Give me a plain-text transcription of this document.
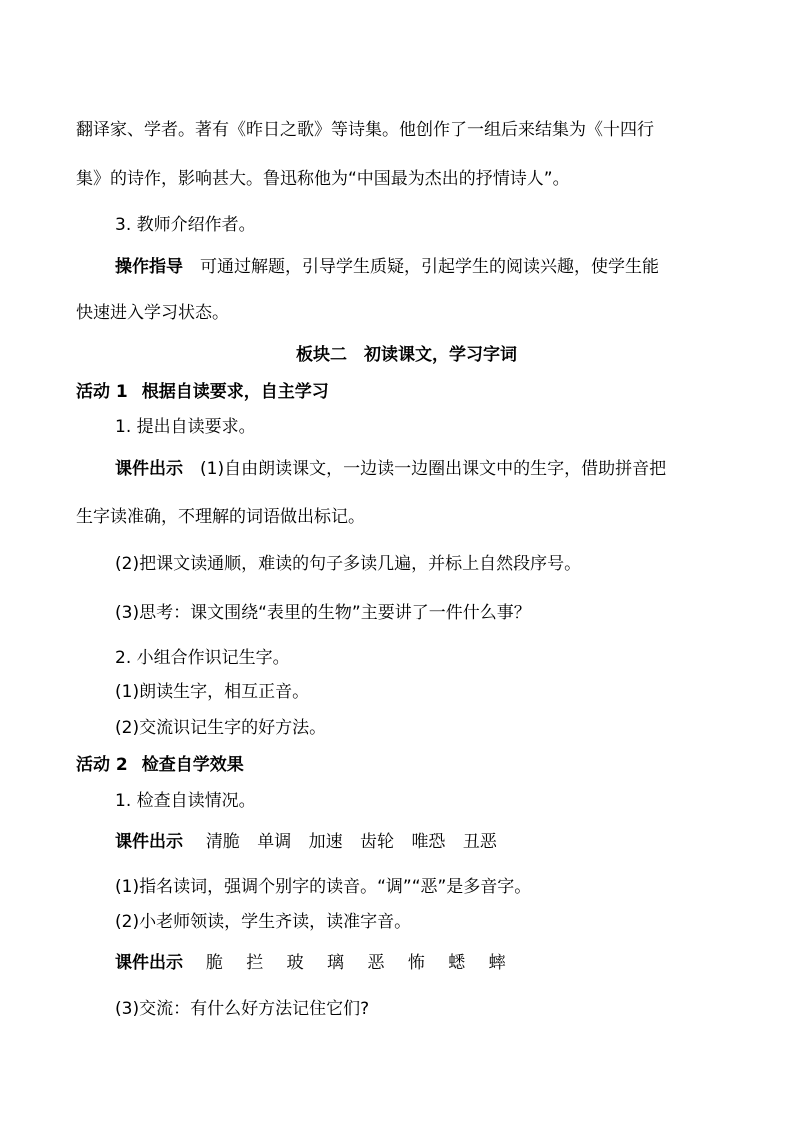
翻译家、学者。著有《昨日之歌》等诗集。他创作了一组后来结集为《十四行
集》的诗作，影响甚大。鲁迅称他为“中国最为杰出的抒情诗人”。
3. 教师介绍作者。
操作指导 可通过解题，引导学生质疑，引起学生的阅读兴趣，使学生能
快速进入学习状态。
板块二　初读课文，学习字词
活动 1 根据自读要求，自主学习
1. 提出自读要求。
课件出示 (1)自由朗读课文，一边读一边圈出课文中的生字，借助拼音把
生字读准确，不理解的词语做出标记。
(2)把课文读通顺，难读的句子多读几遍，并标上自然段序号。
(3)思考：课文围绕“表里的生物”主要讲了一件什么事？
2. 小组合作识记生字。
(1)朗读生字，相互正音。
(2)交流识记生字的好方法。
活动 2 检查自学效果
1. 检查自读情况。
课件出示 清脆 单调 加速 齿轮 唯恐 丑恶
(1)指名读词，强调个别字的读音。“调”“恶”是多音字。
(2)小老师领读，学生齐读，读准字音。
课件出示 脆 拦 玻 璃 恶 怖 蟋 蟀
(3)交流：有什么好方法记住它们?
